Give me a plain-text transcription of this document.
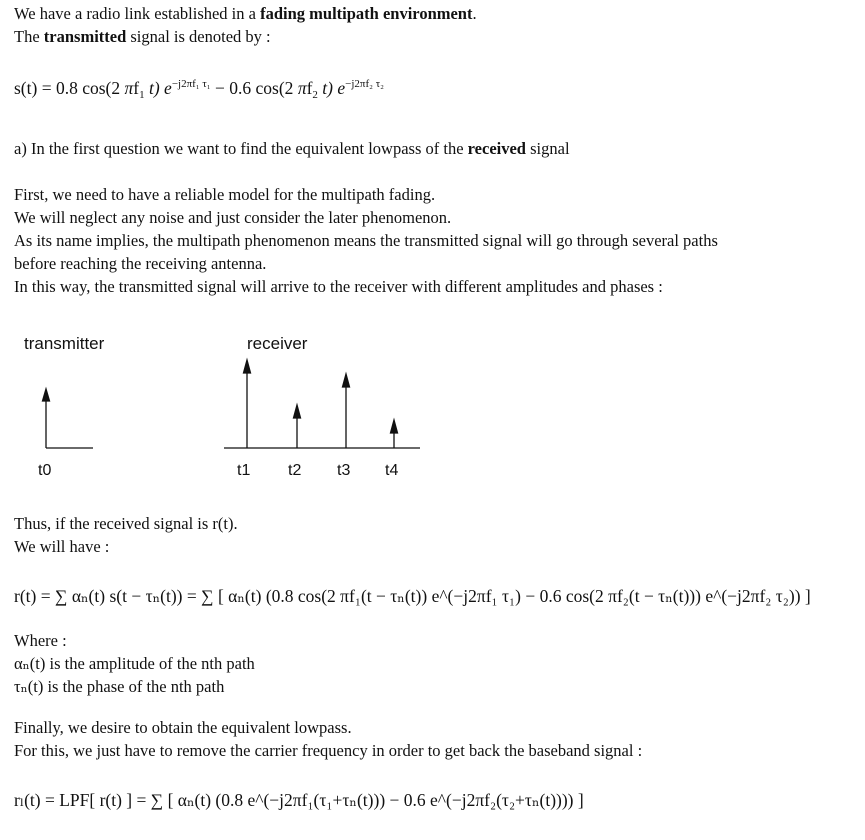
We have a radio link established in a fading multipath environment.
The transmitted signal is denoted by :
s(t) = 0.8 cos(2 $\pi f_1$ t) $e^{-j2\pi f_1 \tau_1} - 0.6$ cos(2 $\pi f_2$ t) $e^{-j2\pi f_2 \tau_2}$
a) In the first question we want to find the equivalent lowpass of the received signal
First, we need to have a reliable model for the multipath fading.
We will neglect any noise and just consider the later phenomenon.
As its name implies, the multipath phenomenon means the transmitted signal will go through several paths
before reaching the receiving antenna.
In this way, the transmitted signal will arrive to the receiver with different amplitudes and phases :
transmitter	receiver
t0	t1 t2 t3 t4
Thus, if the received signal is r(t).
We will have :
r(t) = ∑ αₙ(t) s(t − τₙ(t)) = ∑ [ αₙ(t) (0.8 cos(2 πf₁(t − τₙ(t)) e^(−j2πf₁ τ₁) − 0.6 cos(2 πf₂(t − τₙ(t))) e^(−j2πf₂ τ₂)) ]
Where :
αₙ(t) is the amplitude of the nth path
τₙ(t) is the phase of the nth path
Finally, we desire to obtain the equivalent lowpass.
For this, we just have to remove the carrier frequency in order to get back the baseband signal :
rₗ(t) = LPF[ r(t) ] = ∑ [ αₙ(t) (0.8 e^(−j2πf₁(τ₁+τₙ(t))) − 0.6 e^(−j2πf₂(τ₂+τₙ(t)))) ]
